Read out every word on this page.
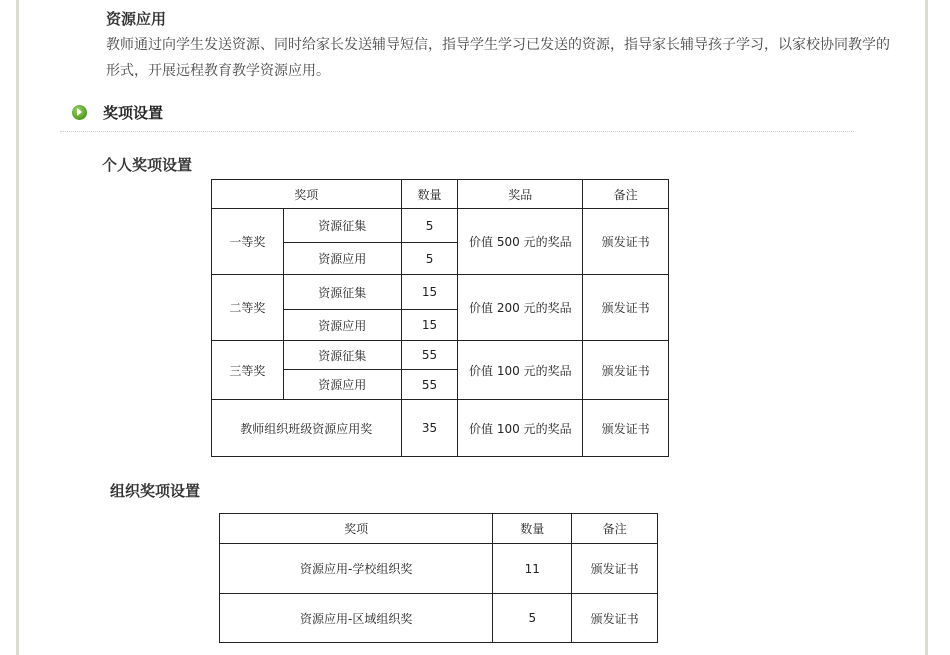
资源应用
教师通过向学生发送资源、同时给家长发送辅导短信，指导学生学习已发送的资源，指导家长辅导孩子学习，以家校协同教学的形式，开展远程教育教学资源应用。
奖项设置
个人奖项设置
奖项		数量	奖品	备注
一等奖	资源征集	5	价值 500 元的奖品	颁发证书
	资源应用	5		
二等奖	资源征集	15	价值 200 元的奖品	颁发证书
	资源应用	15		
三等奖	资源征集	55	价值 100 元的奖品	颁发证书
	资源应用	55		
教师组织班级资源应用奖		35	价值 100 元的奖品	颁发证书
组织奖项设置
奖项	数量	备注
资源应用-学校组织奖	11	颁发证书
资源应用-区域组织奖	5	颁发证书
